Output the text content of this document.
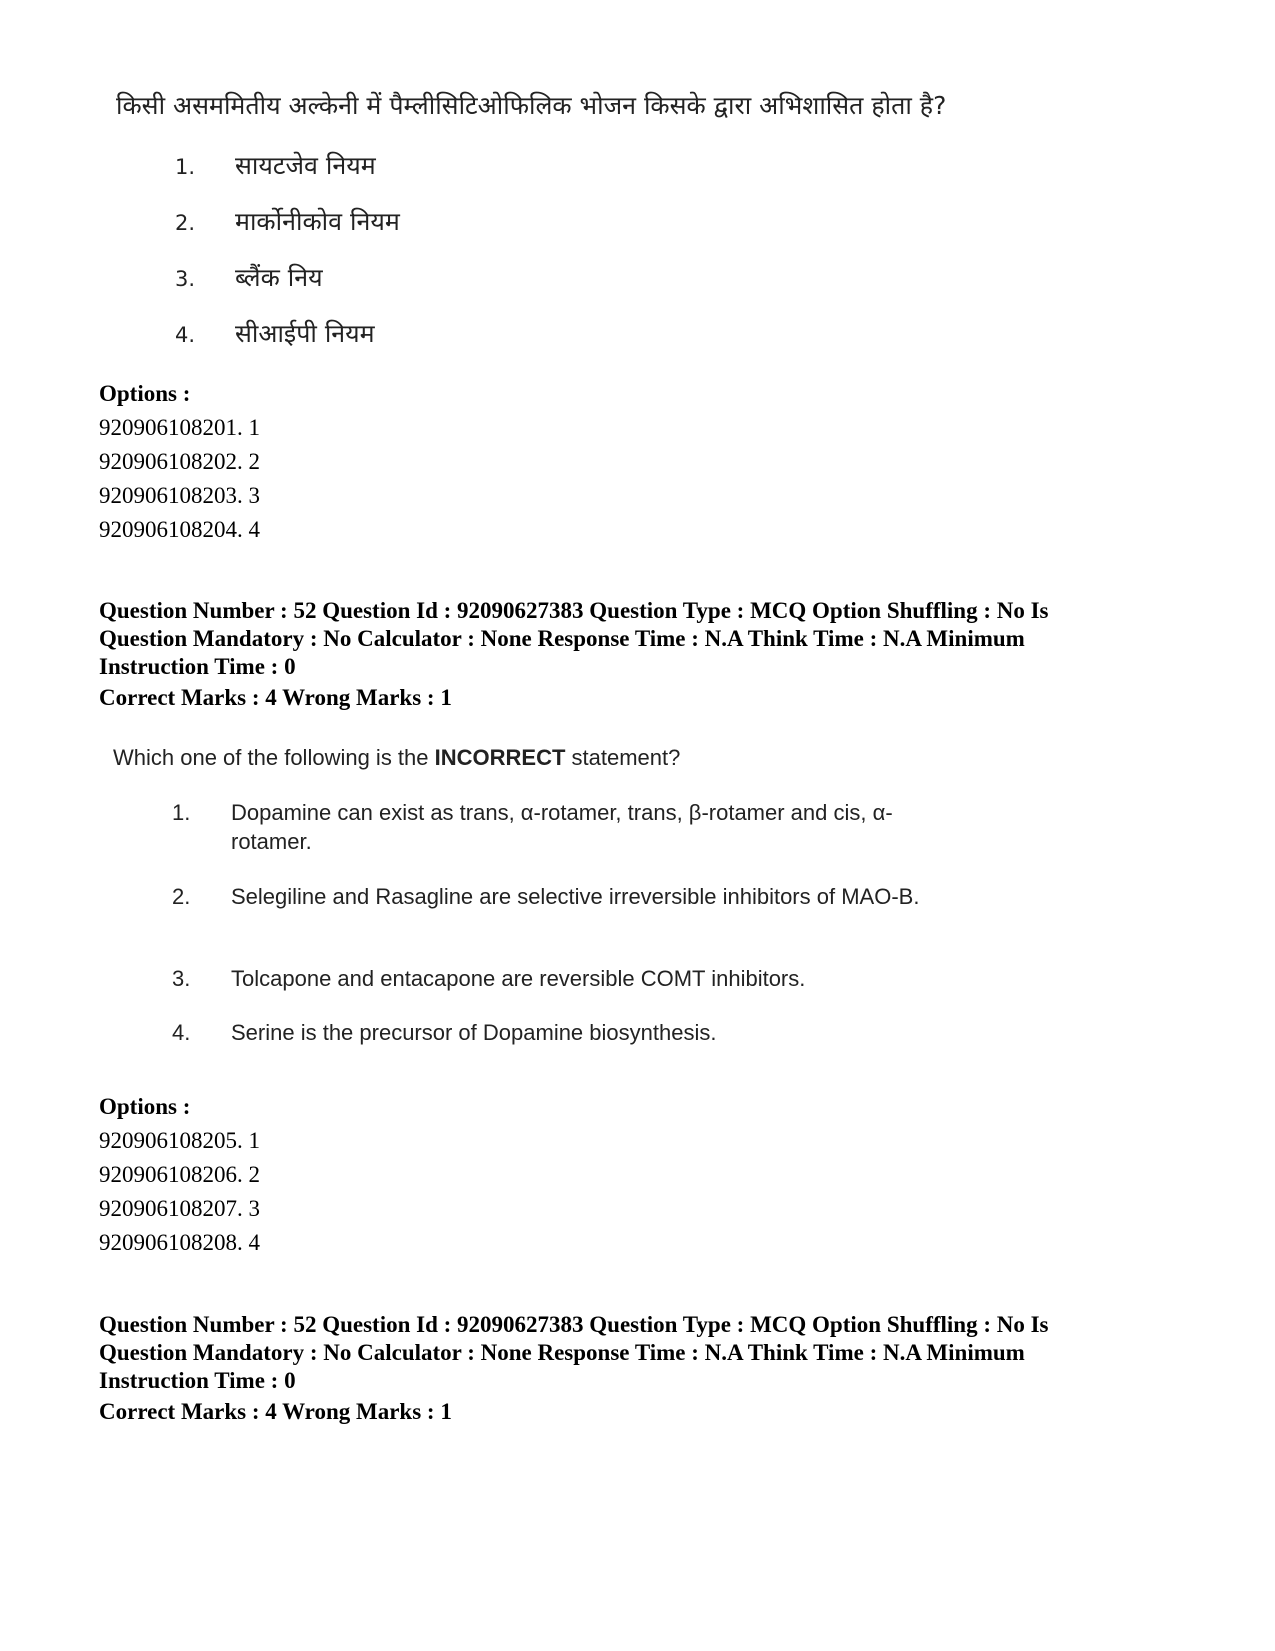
किसी असममितीय अल्केनी में पैम्लीसिटिओफिलिक भोजन किसके द्वारा अभिशासित होता है?

1. सायटजेव नियम
2. मार्कोनीकोव नियम
3. ब्लैंक निय
4. सीआईपी नियम
Options :
920906108201. 1
920906108202. 2
920906108203. 3
920906108204. 4
Question Number : 52 Question Id : 92090627383 Question Type : MCQ Option Shuffling : No Is
Question Mandatory : No Calculator : None Response Time : N.A Think Time : N.A Minimum
Instruction Time : 0
Correct Marks : 4 Wrong Marks : 1
Which one of the following is the INCORRECT statement?
1. Dopamine can exist as trans, α-rotamer, trans, β-rotamer and cis, α-rotamer.
2. Selegiline and Rasagline are selective irreversible inhibitors of MAO-B.
3. Tolcapone and entacapone are reversible COMT inhibitors.
4. Serine is the precursor of Dopamine biosynthesis.
Options :
920906108205. 1
920906108206. 2
920906108207. 3
920906108208. 4
Question Number : 52 Question Id : 92090627383 Question Type : MCQ Option Shuffling : No Is
Question Mandatory : No Calculator : None Response Time : N.A Think Time : N.A Minimum
Instruction Time : 0
Correct Marks : 4 Wrong Marks : 1
